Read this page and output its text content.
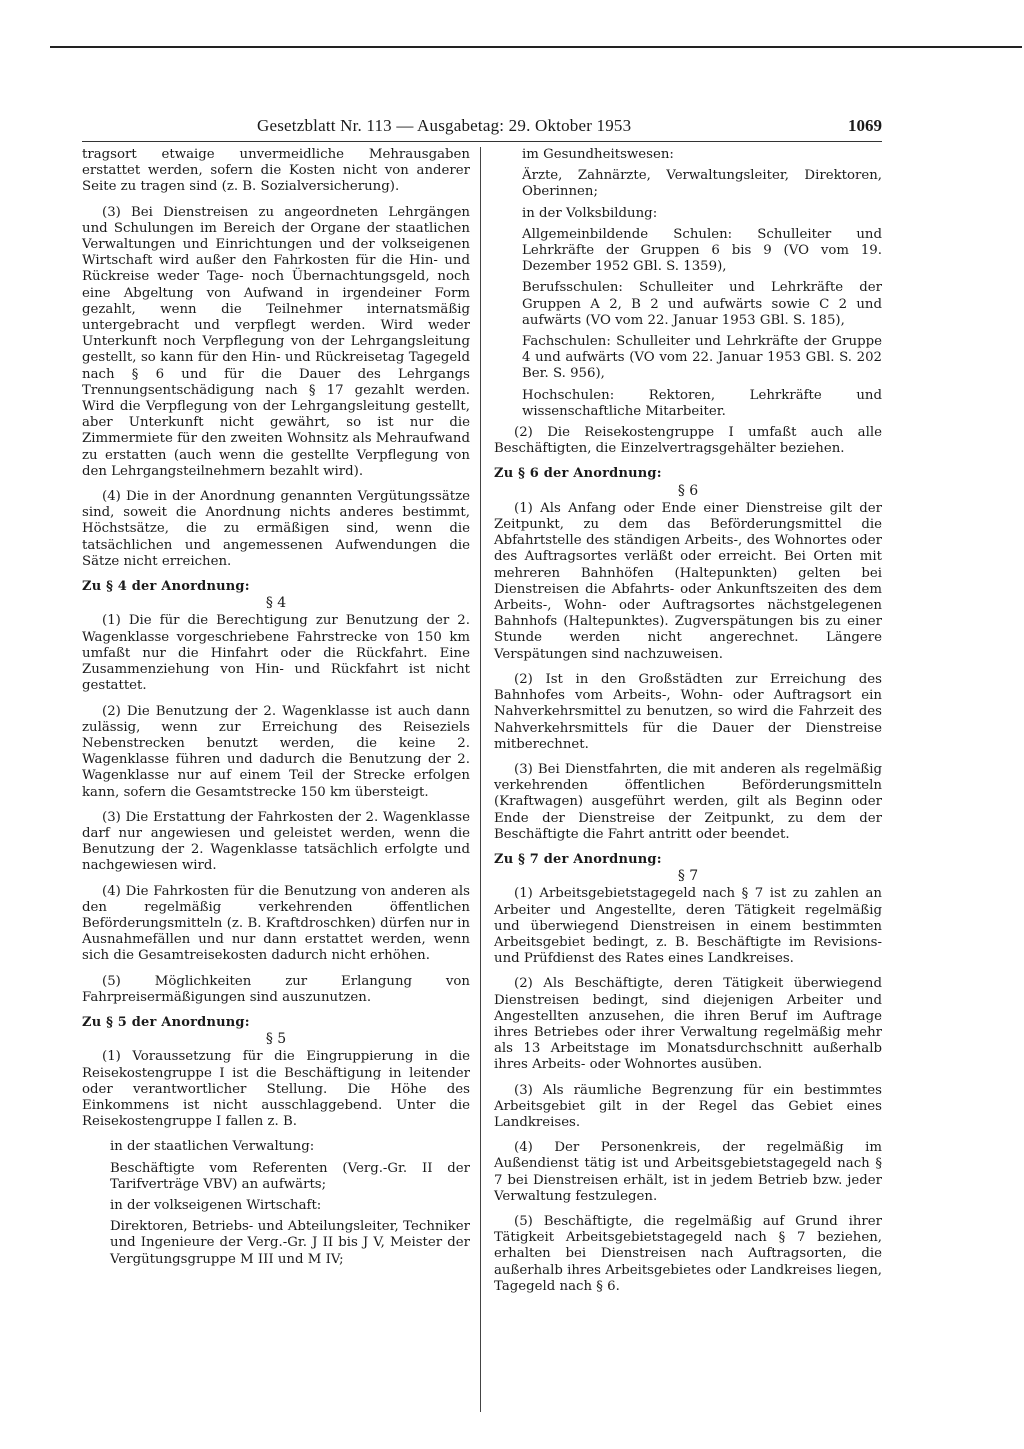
Gesetzblatt Nr. 113 — Ausgabetag: 29. Oktober 1953	1069

tragsort etwaige unvermeidliche Mehrausgaben erstattet werden, sofern die Kosten nicht von anderer Seite zu tragen sind (z. B. Sozialversicherung).

(3) Bei Dienstreisen zu angeordneten Lehrgängen und Schulungen im Bereich der Organe der staatlichen Verwaltungen und Einrichtungen und der volkseigenen Wirtschaft wird außer den Fahrkosten für die Hin- und Rückreise weder Tage- noch Übernachtungsgeld, noch eine Abgeltung von Aufwand in irgendeiner Form gezahlt, wenn die Teilnehmer internatsmäßig untergebracht und verpflegt werden. Wird weder Unterkunft noch Verpflegung von der Lehrgangsleitung gestellt, so kann für den Hin- und Rückreisetag Tagegeld nach § 6 und für die Dauer des Lehrgangs Trennungsentschädigung nach § 17 gezahlt werden. Wird die Verpflegung von der Lehrgangsleitung gestellt, aber Unterkunft nicht gewährt, so ist nur die Zimmermiete für den zweiten Wohnsitz als Mehraufwand zu erstatten (auch wenn die gestellte Verpflegung von den Lehrgangsteilnehmern bezahlt wird).

(4) Die in der Anordnung genannten Vergütungssätze sind, soweit die Anordnung nichts anderes bestimmt, Höchstsätze, die zu ermäßigen sind, wenn die tatsächlichen und angemessenen Aufwendungen die Sätze nicht erreichen.

Zu § 4 der Anordnung:
§ 4

(1) Die für die Berechtigung zur Benutzung der 2. Wagenklasse vorgeschriebene Fahrstrecke von 150 km umfaßt nur die Hinfahrt oder die Rückfahrt. Eine Zusammenziehung von Hin- und Rückfahrt ist nicht gestattet.

(2) Die Benutzung der 2. Wagenklasse ist auch dann zulässig, wenn zur Erreichung des Reiseziels Nebenstrecken benutzt werden, die keine 2. Wagenklasse führen und dadurch die Benutzung der 2. Wagenklasse nur auf einem Teil der Strecke erfolgen kann, sofern die Gesamtstrecke 150 km übersteigt.

(3) Die Erstattung der Fahrkosten der 2. Wagenklasse darf nur angewiesen und geleistet werden, wenn die Benutzung der 2. Wagenklasse tatsächlich erfolgte und nachgewiesen wird.

(4) Die Fahrkosten für die Benutzung von anderen als den regelmäßig verkehrenden öffentlichen Beförderungsmitteln (z. B. Kraftdroschken) dürfen nur in Ausnahmefällen und nur dann erstattet werden, wenn sich die Gesamtreisekosten dadurch nicht erhöhen.

(5) Möglichkeiten zur Erlangung von Fahrpreisermäßigungen sind auszunutzen.

Zu § 5 der Anordnung:
§ 5

(1) Voraussetzung für die Eingruppierung in die Reisekostengruppe I ist die Beschäftigung in leitender oder verantwortlicher Stellung. Die Höhe des Einkommens ist nicht ausschlaggebend. Unter die Reisekostengruppe I fallen z. B.

in der staatlichen Verwaltung:

Beschäftigte vom Referenten (Verg.-Gr. II der Tarifverträge VBV) an aufwärts;

in der volkseigenen Wirtschaft:

Direktoren, Betriebs- und Abteilungsleiter, Techniker und Ingenieure der Verg.-Gr. J II bis J V, Meister der Vergütungsgruppe M III und M IV;

im Gesundheitswesen:

Ärzte, Zahnärzte, Verwaltungsleiter, Direktoren, Oberinnen;

in der Volksbildung:

Allgemeinbildende Schulen: Schulleiter und Lehrkräfte der Gruppen 6 bis 9 (VO vom 19. Dezember 1952 GBl. S. 1359),

Berufsschulen: Schulleiter und Lehrkräfte der Gruppen A 2, B 2 und aufwärts sowie C 2 und aufwärts (VO vom 22. Januar 1953 GBl. S. 185),

Fachschulen: Schulleiter und Lehrkräfte der Gruppe 4 und aufwärts (VO vom 22. Januar 1953 GBl. S. 202 Ber. S. 956),

Hochschulen: Rektoren, Lehrkräfte und wissenschaftliche Mitarbeiter.

(2) Die Reisekostengruppe I umfaßt auch alle Beschäftigten, die Einzelvertragsgehälter beziehen.

Zu § 6 der Anordnung:
§ 6

(1) Als Anfang oder Ende einer Dienstreise gilt der Zeitpunkt, zu dem das Beförderungsmittel die Abfahrtstelle des ständigen Arbeits-, des Wohnortes oder des Auftragsortes verläßt oder erreicht. Bei Orten mit mehreren Bahnhöfen (Haltepunkten) gelten bei Dienstreisen die Abfahrts- oder Ankunftszeiten des dem Arbeits-, Wohn- oder Auftragsortes nächstgelegenen Bahnhofs (Haltepunktes). Zugverspätungen bis zu einer Stunde werden nicht angerechnet. Längere Verspätungen sind nachzuweisen.

(2) Ist in den Großstädten zur Erreichung des Bahnhofes vom Arbeits-, Wohn- oder Auftragsort ein Nahverkehrsmittel zu benutzen, so wird die Fahrzeit des Nahverkehrsmittels für die Dauer der Dienstreise mitberechnet.

(3) Bei Dienstfahrten, die mit anderen als regelmäßig verkehrenden öffentlichen Beförderungsmitteln (Kraftwagen) ausgeführt werden, gilt als Beginn oder Ende der Dienstreise der Zeitpunkt, zu dem der Beschäftigte die Fahrt antritt oder beendet.

Zu § 7 der Anordnung:
§ 7

(1) Arbeitsgebietstagegeld nach § 7 ist zu zahlen an Arbeiter und Angestellte, deren Tätigkeit regelmäßig und überwiegend Dienstreisen in einem bestimmten Arbeitsgebiet bedingt, z. B. Beschäftigte im Revisions- und Prüfdienst des Rates eines Landkreises.

(2) Als Beschäftigte, deren Tätigkeit überwiegend Dienstreisen bedingt, sind diejenigen Arbeiter und Angestellten anzusehen, die ihren Beruf im Auftrage ihres Betriebes oder ihrer Verwaltung regelmäßig mehr als 13 Arbeitstage im Monatsdurchschnitt außerhalb ihres Arbeits- oder Wohnortes ausüben.

(3) Als räumliche Begrenzung für ein bestimmtes Arbeitsgebiet gilt in der Regel das Gebiet eines Landkreises.

(4) Der Personenkreis, der regelmäßig im Außendienst tätig ist und Arbeitsgebietstagegeld nach § 7 bei Dienstreisen erhält, ist in jedem Betrieb bzw. jeder Verwaltung festzulegen.

(5) Beschäftigte, die regelmäßig auf Grund ihrer Tätigkeit Arbeitsgebietstagegeld nach § 7 beziehen, erhalten bei Dienstreisen nach Auftragsorten, die außerhalb ihres Arbeitsgebietes oder Landkreises liegen, Tagegeld nach § 6.
